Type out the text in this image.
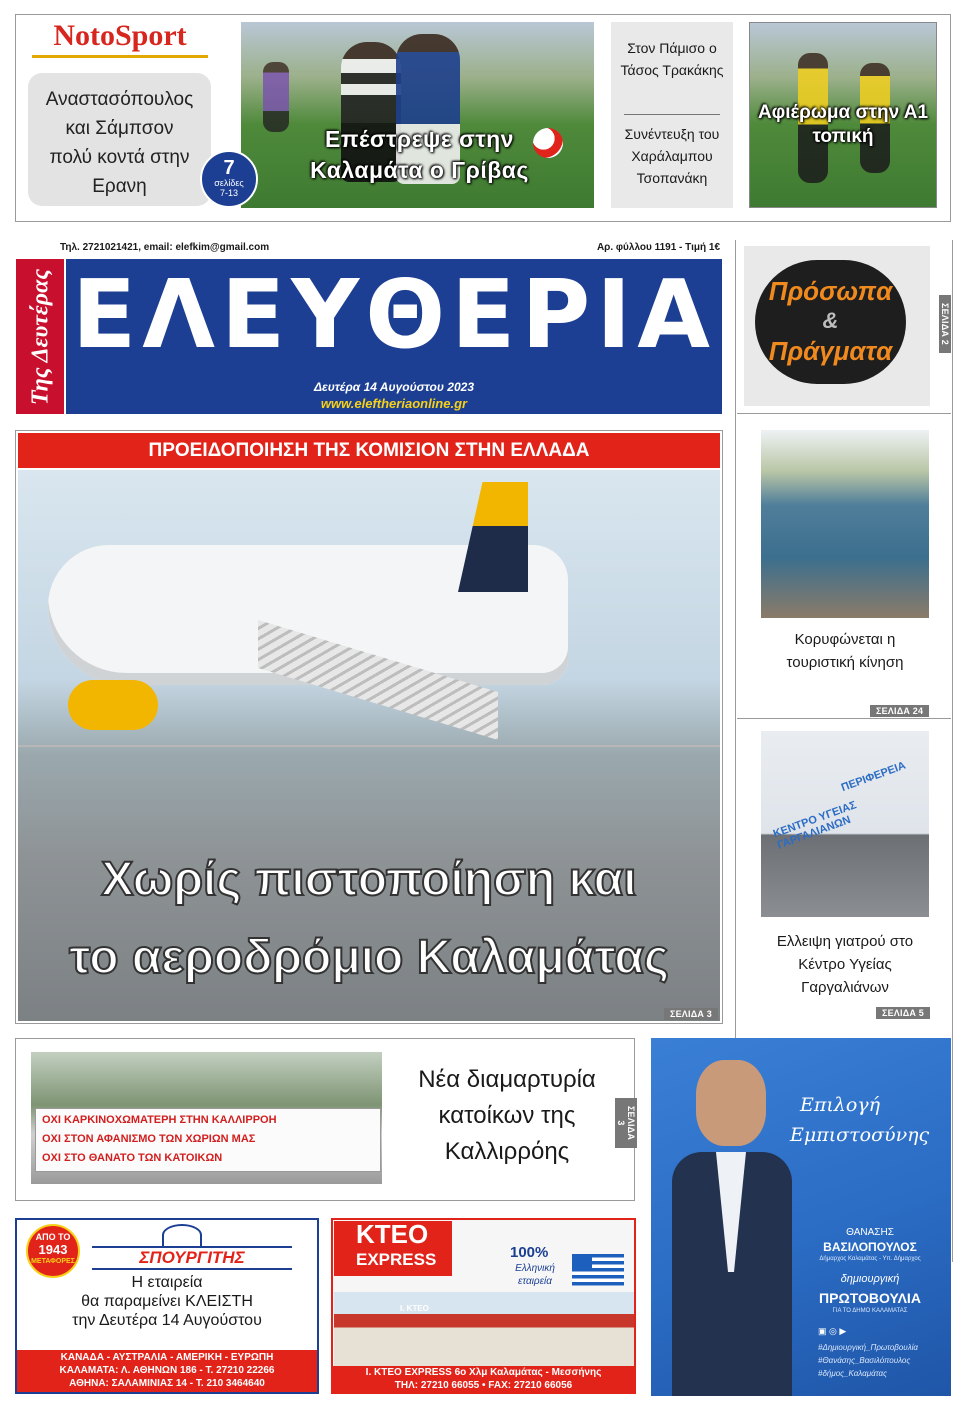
NotoSport
Αναστασόπουλος και Σάμπσον πολύ κοντά στην Ερανη
Επέστρεψε στην Καλαμάτα ο Γρίβας
7
σελίδες
7-13
Στον Πάμισο ο Τάσος Τρακάκης
Συνέντευξη του Χαράλαμπου Τσοπανάκη
Αφιέρωμα στην Α1 τοπική
Τηλ. 2721021421, email: elefkim@gmail.com	Αρ. φύλλου 1191 - Τιμή 1€
Της Δευτέρας ΕΛΕΥΘΕΡΙΑ
Δευτέρα 14 Αυγούστου 2023
www.eleftheriaonline.gr
Πρόσωπα
&
Πράγματα
ΣΕΛΙΔΑ 2
Κορυφώνεται η τουριστική κίνηση
ΣΕΛΙΔΑ 24
ΠΕΡΙΦΕΡΕΙΑ
ΚΕΝΤΡΟ ΥΓΕΙΑΣ ΓΑΡΓΑΛΙΑΝΩΝ
Ελλειψη γιατρού στο Κέντρο Υγείας Γαργαλιάνων
ΣΕΛΙΔΑ 5
ΠΡΟΕΙΔΟΠΟΙΗΣΗ ΤΗΣ ΚΟΜΙΣΙΟΝ ΣΤΗΝ ΕΛΛΑΔΑ
Χωρίς πιστοποίηση και
το αεροδρόμιο Καλαμάτας
ΣΕΛΙΔΑ 3
ΟΧΙ ΚΑΡΚΙΝΟΧΩΜΑΤΕΡΗ ΣΤΗΝ ΚΑΛΛΙΡΡΟΗ
ΟΧΙ ΣΤΟΝ ΑΦΑΝΙΣΜΟ ΤΩΝ ΧΩΡΙΩΝ ΜΑΣ
ΟΧΙ ΣΤΟ ΘΑΝΑΤΟ ΤΩΝ ΚΑΤΟΙΚΩΝ
Νέα διαμαρτυρία κατοίκων της Καλλιρρόης
ΣΕΛΙΔΑ 3
ΑΠΟ ΤΟ
1943
ΜΕΤΑΦΟΡΕΣ	ΣΠΟΥΡΓΙΤΗΣ
Η εταιρεία
θα παραμείνει ΚΛΕΙΣΤΗ
την Δευτέρα 14 Αυγούστου
ΚΑΝΑΔΑ - ΑΥΣΤΡΑΛΙΑ - ΑΜΕΡΙΚΗ - ΕΥΡΩΠΗ
ΚΑΛΑΜΑΤΑ: Λ. ΑΘΗΝΩΝ 186 - Τ. 27210 22266
ΑΘΗΝΑ: ΣΑΛΑΜΙΝΙΑΣ 14 - Τ. 210 3464640
ΚΤΕΟ
EXPRESS	100%
Ελληνική εταιρεία
Ι. ΚΤΕΟ
Ι. ΚΤΕΟ EXPRESS 6ο Χλμ Καλαμάτας - Μεσσήνης
ΤΗΛ: 27210 66055 • FAX: 27210 66056
Επιλογή
Εμπιστοσύνης
ΘΑΝΑΣΗΣ
ΒΑΣΙΛΟΠΟΥΛΟΣ
Δήμαρχος Καλαμάτας - Υπ. Δήμαρχος
δημιουργική
ΠΡΩΤΟΒΟΥΛΙΑ
ΓΙΑ ΤΟ ΔΗΜΟ ΚΑΛΑΜΑΤΑΣ
▣ ◎ ▶
#Δημιουργική_Πρωτοβουλία
#Θανάσης_Βασιλόπουλος
#δήμος_Καλαμάτας
